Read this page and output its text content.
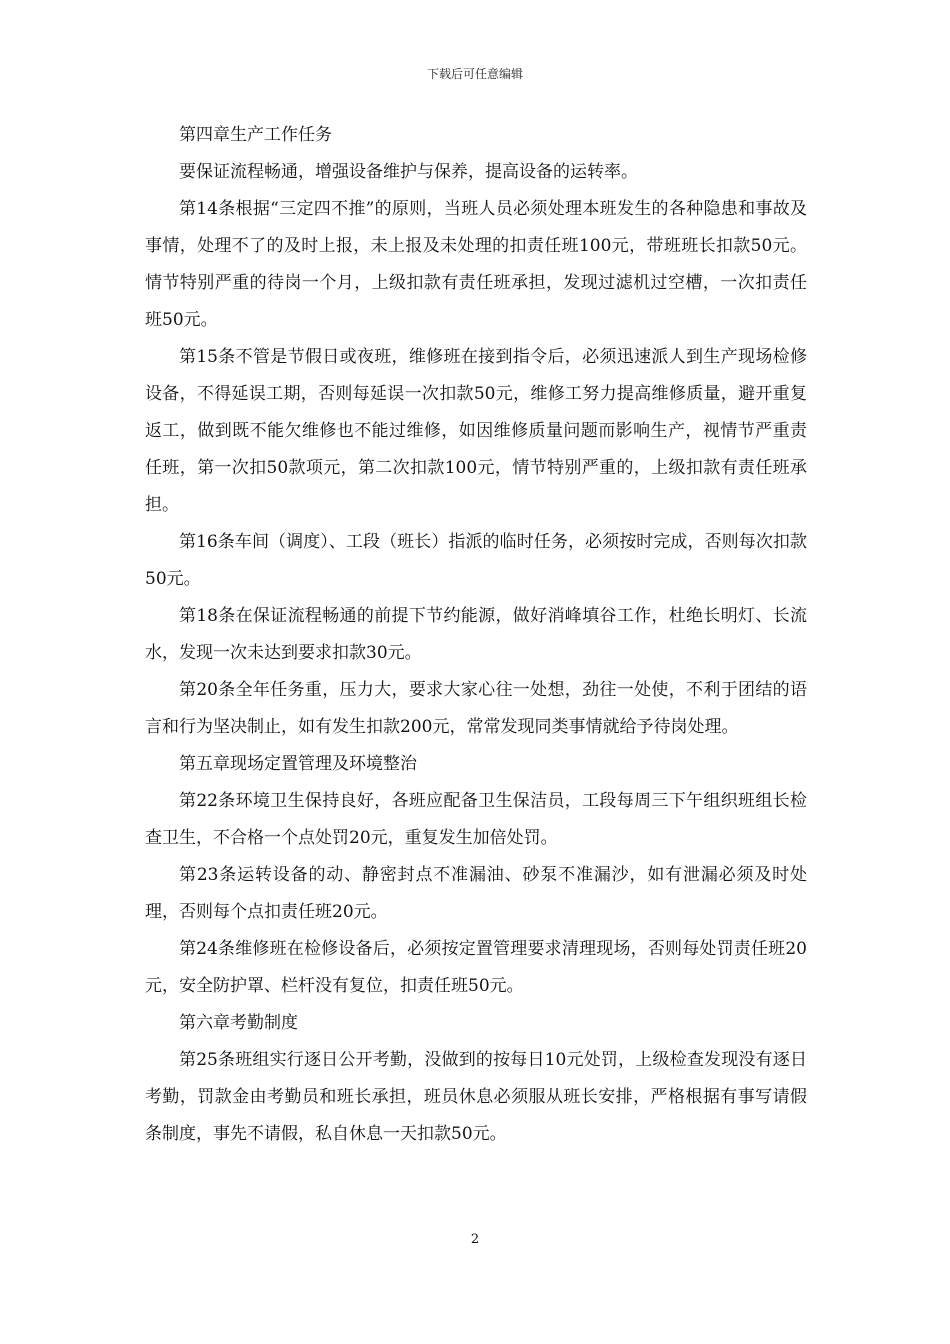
下载后可任意编辑

第四章生产工作任务

要保证流程畅通，增强设备维护与保养，提高设备的运转率。

第14条根据“三定四不推”的原则，当班人员必须处理本班发生的各种隐患和事故及事情，处理不了的及时上报，未上报及未处理的扣责任班100元，带班班长扣款50元。情节特别严重的待岗一个月，上级扣款有责任班承担，发现过滤机过空槽，一次扣责任班50元。

第15条不管是节假日或夜班，维修班在接到指令后，必须迅速派人到生产现场检修设备，不得延误工期，否则每延误一次扣款50元，维修工努力提高维修质量，避开重复返工，做到既不能欠维修也不能过维修，如因维修质量问题而影响生产，视情节严重责任班，第一次扣50款项元，第二次扣款100元，情节特别严重的，上级扣款有责任班承担。

第16条车间（调度）、工段（班长）指派的临时任务，必须按时完成，否则每次扣款50元。

第18条在保证流程畅通的前提下节约能源，做好消峰填谷工作，杜绝长明灯、长流水，发现一次未达到要求扣款30元。

第20条全年任务重，压力大，要求大家心往一处想，劲往一处使，不利于团结的语言和行为坚决制止，如有发生扣款200元，常常发现同类事情就给予待岗处理。

第五章现场定置管理及环境整治

第22条环境卫生保持良好，各班应配备卫生保洁员，工段每周三下午组织班组长检查卫生，不合格一个点处罚20元，重复发生加倍处罚。

第23条运转设备的动、静密封点不准漏油、砂泵不准漏沙，如有泄漏必须及时处理，否则每个点扣责任班20元。

第24条维修班在检修设备后，必须按定置管理要求清理现场，否则每处罚责任班20元，安全防护罩、栏杆没有复位，扣责任班50元。

第六章考勤制度

第25条班组实行逐日公开考勤，没做到的按每日10元处罚，上级检查发现没有逐日考勤，罚款金由考勤员和班长承担，班员休息必须服从班长安排，严格根据有事写请假条制度，事先不请假，私自休息一天扣款50元。

2
